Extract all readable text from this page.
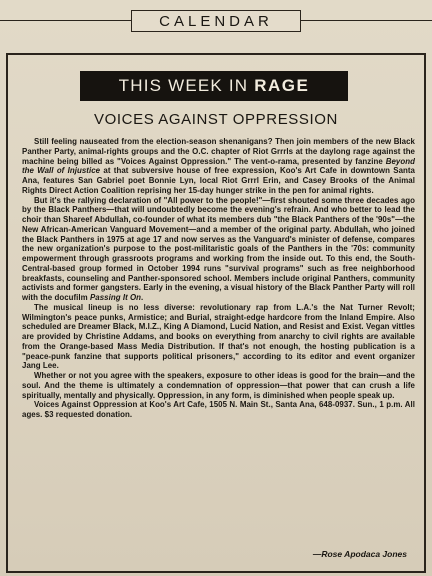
CALENDAR
THIS WEEK IN RAGE
VOICES AGAINST OPPRESSION

Still feeling nauseated from the election-season shenanigans? Then join members of the new Black Panther Party, animal-rights groups and the O.C. chapter of Riot Grrrls at the daylong rage against the machine being billed as "Voices Against Oppression." The vent-o-rama, presented by fanzine Beyond the Wall of Injustice at that subversive house of free expression, Koo's Art Cafe in downtown Santa Ana, features San Gabriel poet Bonnie Lyn, local Riot Grrrl Erin, and Casey Brooks of the Animal Rights Direct Action Coalition reprising her 15-day hunger strike in the pen for animal rights.

But it's the rallying declaration of "All power to the people!"—first shouted some three decades ago by the Black Panthers—that will undoubtedly become the evening's refrain. And who better to lead the choir than Shareef Abdullah, co-founder of what its members dub "the Black Panthers of the '90s"—the New African-American Vanguard Movement—and a member of the original party. Abdullah, who joined the Black Panthers in 1975 at age 17 and now serves as the Vanguard's minister of defense, compares the new organization's purpose to the post-militaristic goals of the Panthers in the '70s: community empowerment through grassroots programs and working from the inside out. To this end, the South-Central-based group formed in October 1994 runs "survival programs" such as free neighborhood breakfasts, counseling and Panther-sponsored school. Members include original Panthers, community activists and former gangsters. Early in the evening, a visual history of the Black Panther Party will roll with the docufilm Passing It On.

The musical lineup is no less diverse: revolutionary rap from L.A.'s the Nat Turner Revolt; Wilmington's peace punks, Armistice; and Burial, straight-edge hardcore from the Inland Empire. Also scheduled are Dreamer Black, M.I.Z., King A Diamond, Lucid Nation, and Resist and Exist. Vegan vittles are provided by Christine Addams, and books on everything from anarchy to civil rights are available from the Orange-based Mass Media Distribution. If that's not enough, the hosting publication is a "peace-punk fanzine that supports political prisoners," according to its editor and event organizer Jang Lee.

Whether or not you agree with the speakers, exposure to other ideas is good for the brain—and the soul. And the theme is ultimately a condemnation of oppression—that power that can crush a life spiritually, mentally and physically. Oppression, in any form, is diminished when people speak up.

Voices Against Oppression at Koo's Art Cafe, 1505 N. Main St., Santa Ana, 648-0937. Sun., 1 p.m. All ages. $3 requested donation.

—Rose Apodaca Jones
